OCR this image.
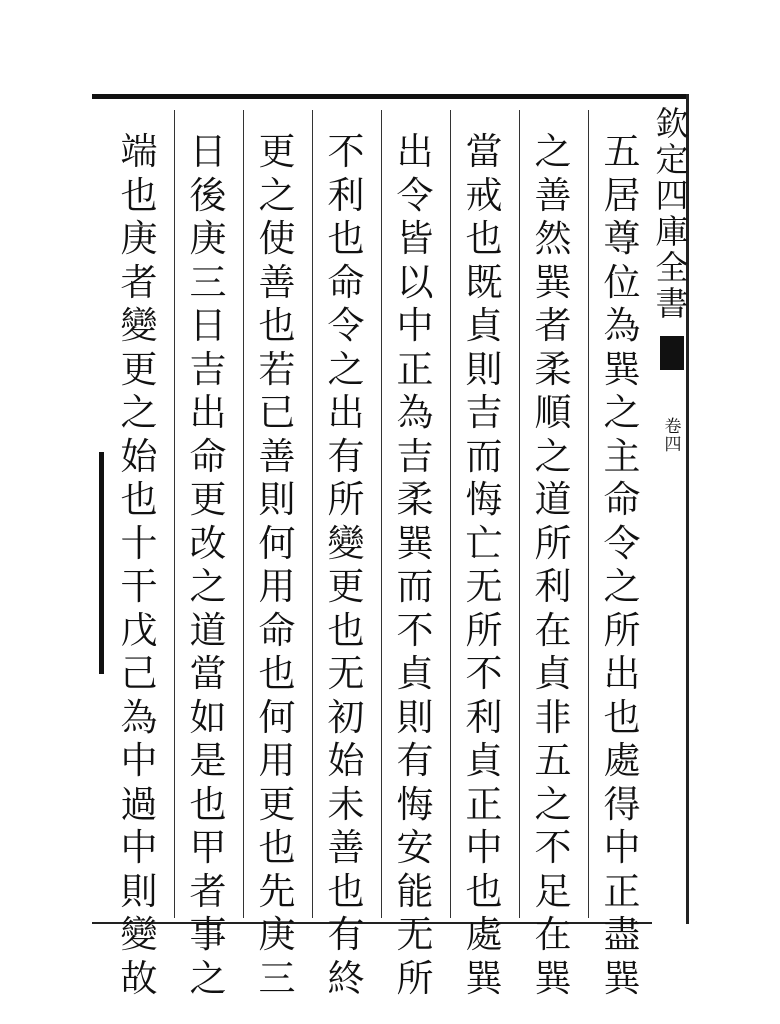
欽
定
四
庫
全
書
卷
四
五
居
尊
位
為
巽
之
主
命
令
之
所
出
也
處
得
中
正
盡
巽
之
善
然
巽
者
柔
順
之
道
所
利
在
貞
非
五
之
不
足
在
巽
當
戒
也
既
貞
則
吉
而
悔
亡
无
所
不
利
貞
正
中
也
處
巽
出
令
皆
以
中
正
為
吉
柔
巽
而
不
貞
則
有
悔
安
能
无
所
不
利
也
命
令
之
出
有
所
變
更
也
无
初
始
未
善
也
有
終
更
之
使
善
也
若
已
善
則
何
用
命
也
何
用
更
也
先
庚
三
日
後
庚
三
日
吉
出
命
更
改
之
道
當
如
是
也
甲
者
事
之
端
也
庚
者
變
更
之
始
也
十
干
戊
己
為
中
過
中
則
變
故
